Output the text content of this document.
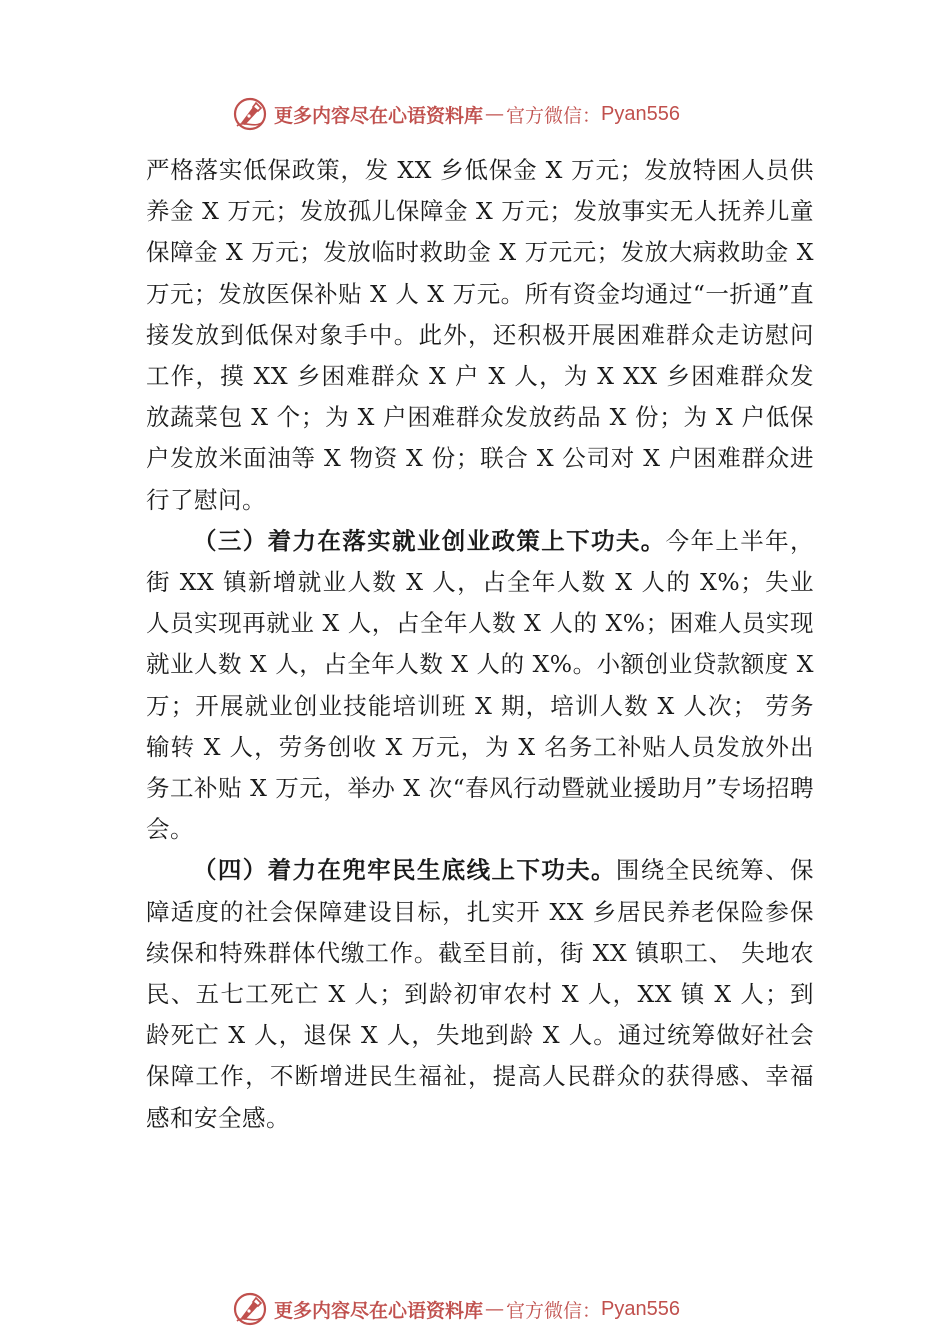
更多内容尽在心语资料库 — 官方微信： Pyan556

严格落实低保政策，发 XX 乡低保金 X 万元；发放特困人员供养金 X 万元；发放孤儿保障金 X 万元；发放事实无人抚养儿童保障金 X 万元；发放临时救助金 X 万元元；发放大病救助金 X 万元；发放医保补贴 X 人 X 万元。所有资金均通过“一折通”直接发放到低保对象手中。此外，还积极开展困难群众走访慰问工作，摸 XX 乡困难群众 X 户 X 人，为 X XX 乡困难群众发放蔬菜包 X 个；为 X 户困难群众发放药品 X 份；为 X 户低保户发放米面油等 X 物资 X 份；联合 X 公司对 X 户困难群众进行了慰问。

（三）着力在落实就业创业政策上下功夫。今年上半年，街 XX 镇新增就业人数 X 人，占全年人数 X 人的 X%；失业人员实现再就业 X 人，占全年人数 X 人的 X%；困难人员实现就业人数 X 人，占全年人数 X 人的 X%。小额创业贷款额度 X 万；开展就业创业技能培训班 X 期，培训人数 X 人次； 劳务输转 X 人，劳务创收 X 万元，为 X 名务工补贴人员发放外出务工补贴 X 万元，举办 X 次“春风行动暨就业援助月”专场招聘会。

（四）着力在兜牢民生底线上下功夫。围绕全民统筹、保障适度的社会保障建设目标，扎实开 XX 乡居民养老保险参保续保和特殊群体代缴工作。截至目前，街 XX 镇职工、 失地农民、五七工死亡 X 人；到龄初审农村 X 人，XX 镇 X 人；到龄死亡 X 人，退保 X 人，失地到龄 X 人。通过统筹做好社会保障工作，不断增进民生福祉，提高人民群众的获得感、幸福感和安全感。

更多内容尽在心语资料库 — 官方微信： Pyan556
